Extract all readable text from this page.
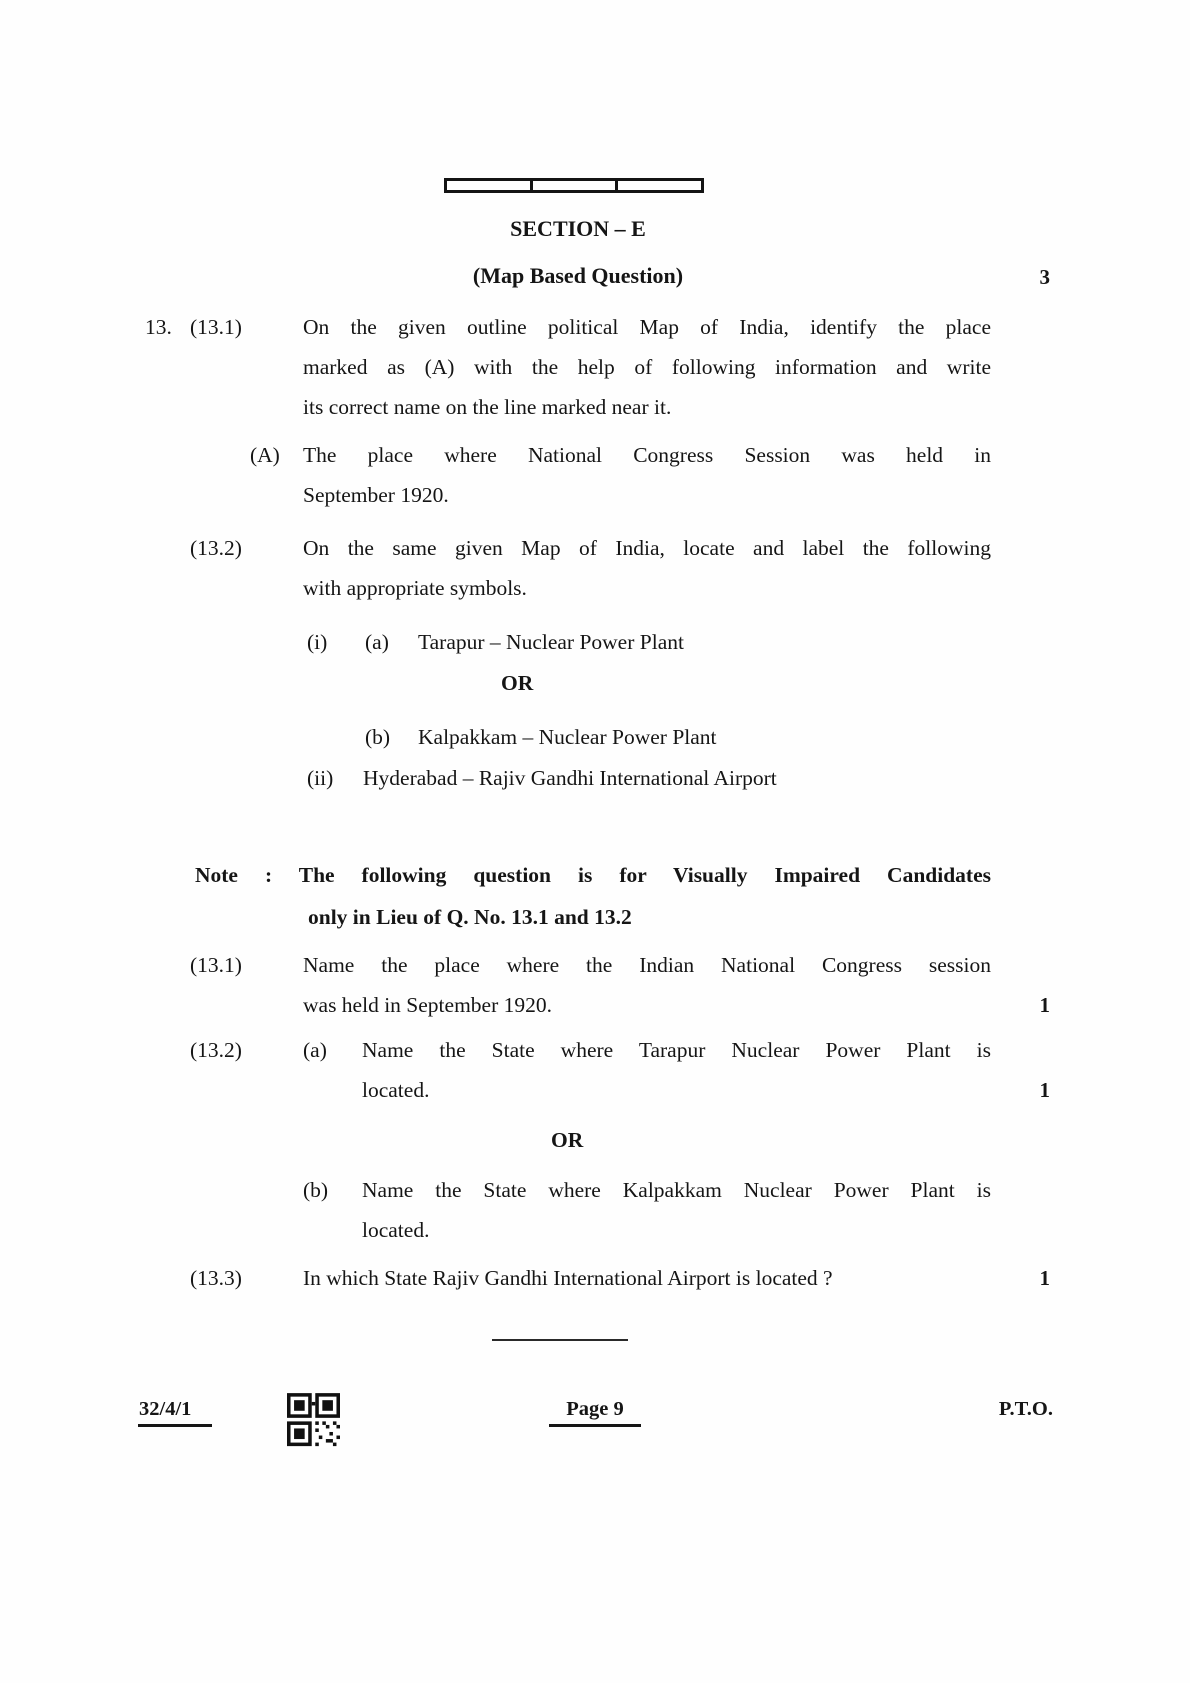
SECTION – E
(Map Based Question)	3
13. (13.1)	On the given outline political Map of India, identify the place
marked as (A) with the help of following information and write
its correct name on the line marked near it.
(A) The place where National Congress Session was held in
September 1920.
(13.2)	On the same given Map of India, locate and label the following
with appropriate symbols.
(i) (a) Tarapur – Nuclear Power Plant
OR
(b) Kalpakkam – Nuclear Power Plant
(ii) Hyderabad – Rajiv Gandhi International Airport
Note : The following question is for Visually Impaired Candidates
only in Lieu of Q. No. 13.1 and 13.2
(13.1)	Name the place where the Indian National Congress session
was held in September 1920.	1
(13.2)	(a) Name the State where Tarapur Nuclear Power Plant is
located.	1
OR
(b) Name the State where Kalpakkam Nuclear Power Plant is
located.
(13.3)	In which State Rajiv Gandhi International Airport is located ?	1
32/4/1	Page 9	P.T.O.
